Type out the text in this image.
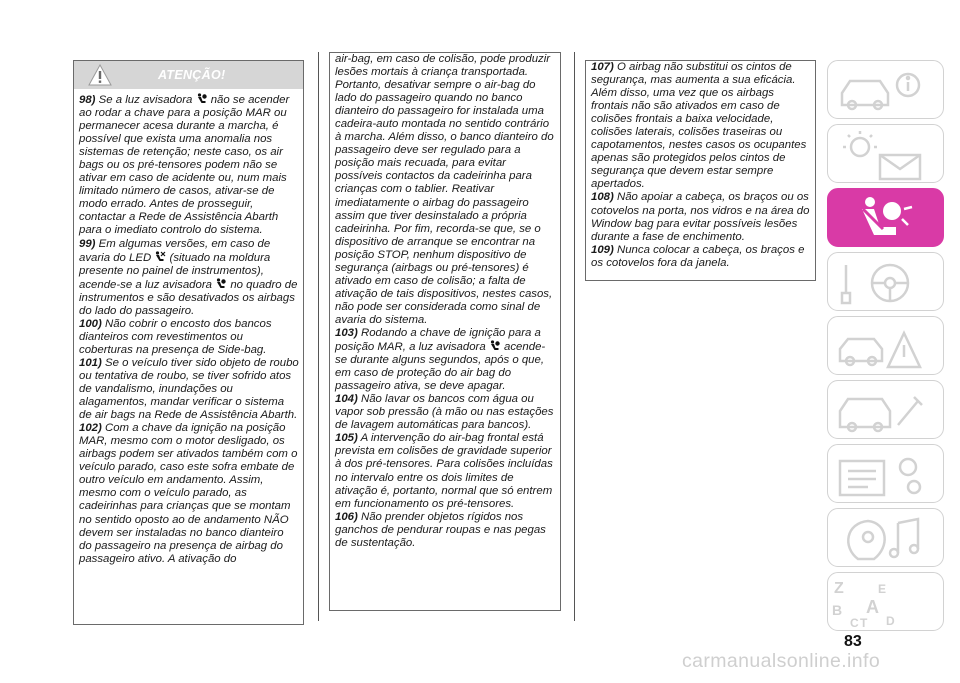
ATENÇÃO!

98) Se a luz avisadora não se acender ao rodar a chave para a posição MAR ou permanecer acesa durante a marcha, é possível que exista uma anomalia nos sistemas de retenção; neste caso, os air bags ou os pré-tensores podem não se ativar em caso de acidente ou, num mais limitado número de casos, ativar-se de modo errado. Antes de prosseguir, contactar a Rede de Assistência Abarth para o imediato controlo do sistema.

99) Em algumas versões, em caso de avaria do LED (situado na moldura presente no painel de instrumentos), acende-se a luz avisadora no quadro de instrumentos e são desativados os airbags do lado do passageiro.

100) Não cobrir o encosto dos bancos dianteiros com revestimentos ou coberturas na presença de Side-bag.

101) Se o veículo tiver sido objeto de roubo ou tentativa de roubo, se tiver sofrido atos de vandalismo, inundações ou alagamentos, mandar verificar o sistema de air bags na Rede de Assistência Abarth.

102) Com a chave da ignição na posição MAR, mesmo com o motor desligado, os airbags podem ser ativados também com o veículo parado, caso este sofra embate de outro veículo em andamento. Assim, mesmo com o veículo parado, as cadeirinhas para crianças que se montam no sentido oposto ao de andamento NÃO devem ser instaladas no banco dianteiro do passageiro na presença de airbag do passageiro ativo. A ativação do

air-bag, em caso de colisão, pode produzir lesões mortais à criança transportada. Portanto, desativar sempre o air-bag do lado do passageiro quando no banco dianteiro do passageiro for instalada uma cadeira-auto montada no sentido contrário à marcha. Além disso, o banco dianteiro do passageiro deve ser regulado para a posição mais recuada, para evitar possíveis contactos da cadeirinha para crianças com o tablier. Reativar imediatamente o airbag do passageiro assim que tiver desinstalado a própria cadeirinha. Por fim, recorda-se que, se o dispositivo de arranque se encontrar na posição STOP, nenhum dispositivo de segurança (airbags ou pré-tensores) é ativado em caso de colisão; a falta de ativação de tais dispositivos, nestes casos, não pode ser considerada como sinal de avaria do sistema.

103) Rodando a chave de ignição para a posição MAR, a luz avisadora acende-se durante alguns segundos, após o que, em caso de proteção do air bag do passageiro ativa, se deve apagar.

104) Não lavar os bancos com água ou vapor sob pressão (à mão ou nas estações de lavagem automáticas para bancos).

105) A intervenção do air-bag frontal está prevista em colisões de gravidade superior à dos pré-tensores. Para colisões incluídas no intervalo entre os dois limites de ativação é, portanto, normal que só entrem em funcionamento os pré-tensores.

106) Não prender objetos rígidos nos ganchos de pendurar roupas e nas pegas de sustentação.

107) O airbag não substitui os cintos de segurança, mas aumenta a sua eficácia. Além disso, uma vez que os airbags frontais não são ativados em caso de colisões frontais a baixa velocidade, colisões laterais, colisões traseiras ou capotamentos, nestes casos os ocupantes apenas são protegidos pelos cintos de segurança que devem estar sempre apertados.

108) Não apoiar a cabeça, os braços ou os cotovelos na porta, nos vidros e na área do Window bag para evitar possíveis lesões durante a fase de enchimento.

109) Nunca colocar a cabeça, os braços e os cotovelos fora da janela.

Z	E
B A
C T D
83
carmanualsonline.info
